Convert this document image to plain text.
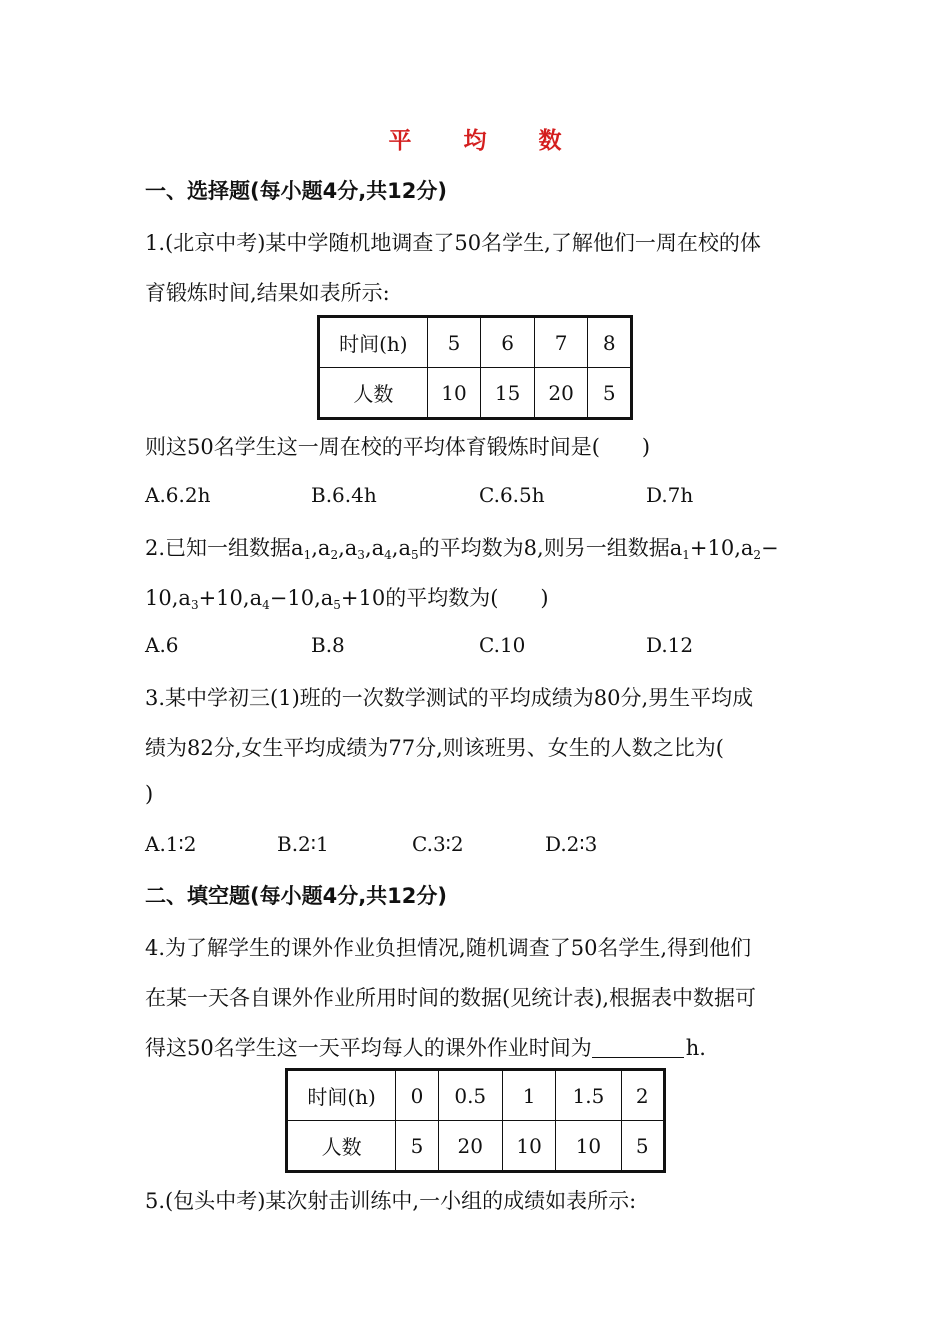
平 均 数
一、选择题(每小题4分,共12分)
1.(北京中考)某中学随机地调查了50名学生,了解他们一周在校的体
育锻炼时间,结果如表所示:
时间(h)	5	6	7	8
人数	10	15	20	5
则这50名学生这一周在校的平均体育锻炼时间是(　　)
A.6.2h	B.6.4h	C.6.5h	D.7h
2.已知一组数据$a_1,a_2,a_3,a_4,a_5$的平均数为8,则另一组数据$a_1+10,a_2-$
$10,a_3+10,a_4-10,a_5+10$的平均数为(　　)
A.6	B.8	C.10	D.12
3.某中学初三(1)班的一次数学测试的平均成绩为80分,男生平均成
绩为82分,女生平均成绩为77分,则该班男、女生的人数之比为(
)
A.1∶2	B.2∶1	C.3∶2	D.2∶3
二、填空题(每小题4分,共12分)
4.为了解学生的课外作业负担情况,随机调查了50名学生,得到他们
在某一天各自课外作业所用时间的数据(见统计表),根据表中数据可
得这50名学生这一天平均每人的课外作业时间为	h.
时间(h)	0	0.5	1	1.5	2
人数	5	20	10	10	5
5.(包头中考)某次射击训练中,一小组的成绩如表所示:
